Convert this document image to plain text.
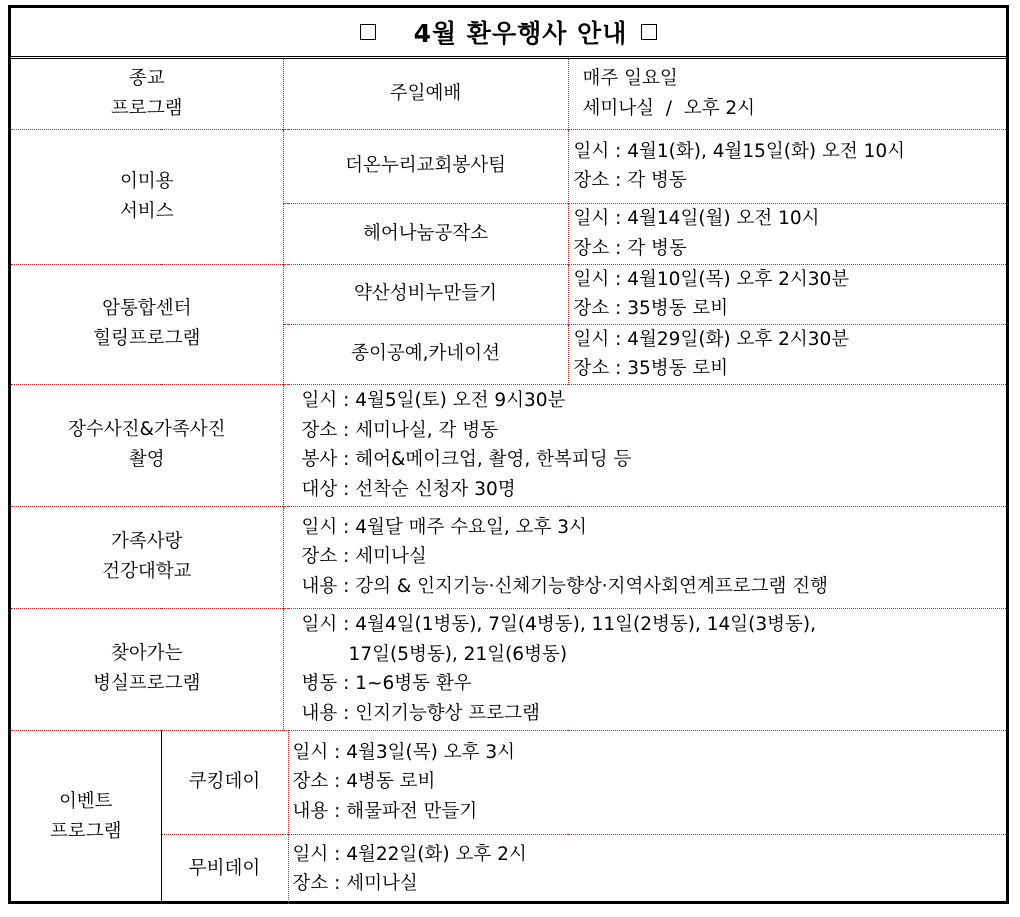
4월 환우행사 안내
종교
프로그램		주일예배		매주 일요일
세미나실  /  오후 2시

이미용
서비스		더온누리교회봉사팀		일시 : 4월1(화), 4월15일(화) 오전 10시
장소 : 각 병동

		헤어나눔공작소		일시 : 4월14일(월) 오전 10시
장소 : 각 병동

암통합센터
힐링프로그램		약산성비누만들기		일시 : 4월10일(목) 오후 2시30분
장소 : 35병동 로비

		종이공예,카네이션		일시 : 4월29일(화) 오후 2시30분
장소 : 35병동 로비

장수사진&가족사진
촬영		일시 : 4월5일(토) 오전 9시30분
장소 : 세미나실, 각 병동
봉사 : 헤어&메이크업, 촬영, 한복피딩 등
대상 : 선착순 신청자 30명		

가족사랑
건강대학교		일시 : 4월달 매주 수요일, 오후 3시
장소 : 세미나실
내용 : 강의 & 인지기능·신체기능향상·지역사회연계프로그램 진행		

찾아가는
병실프로그램		일시 : 4월4일(1병동), 7일(4병동), 11일(2병동), 14일(3병동),
17일(5병동), 21일(6병동)
병동 : 1~6병동 환우
내용 : 인지기능향상 프로그램		

이벤트
프로그램	쿠킹데이		일시 : 4월3일(목) 오후 3시
장소 : 4병동 로비
내용 : 해물파전 만들기	

	무비데이		일시 : 4월22일(화) 오후 2시
장소 : 세미나실	
